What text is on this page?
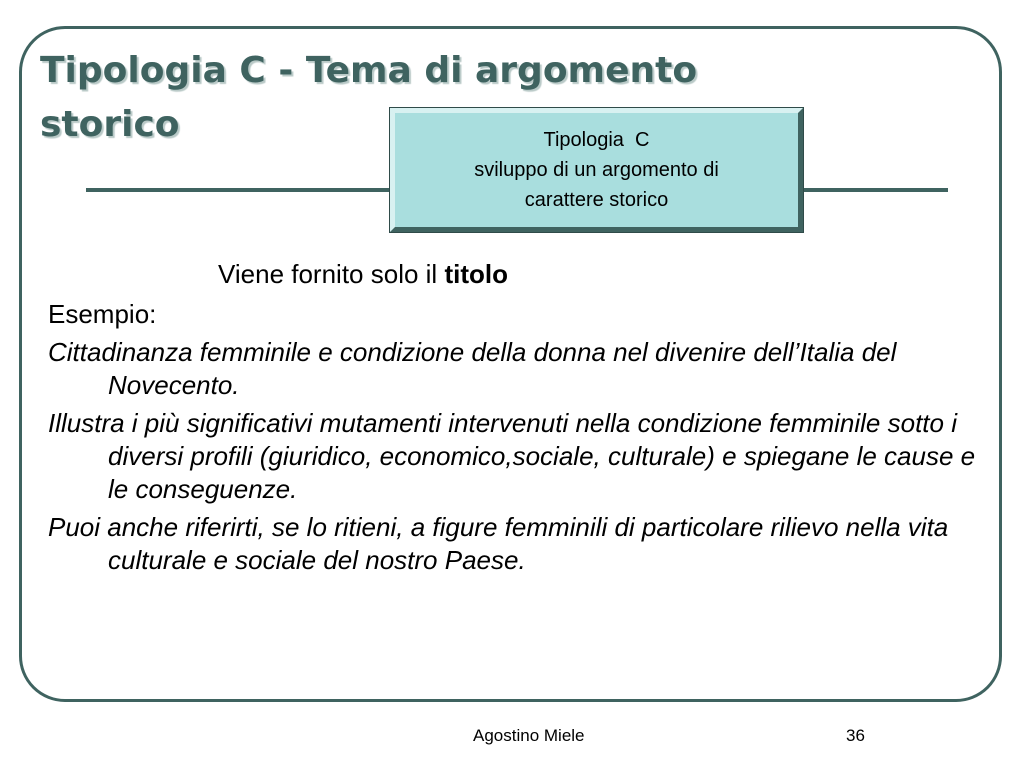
Tipologia C - Tema di argomento
storico	Tipologia  C
sviluppo di un argomento di
carattere storico
Viene fornito solo il titolo

Esempio:

Cittadinanza femminile e condizione della donna nel divenire dell’Italia del Novecento.

Illustra i più significativi mutamenti intervenuti nella condizione femminile sotto i diversi profili (giuridico, economico,sociale, culturale) e spiegane le cause e le conseguenze.

Puoi anche riferirti, se lo ritieni, a figure femminili di particolare rilievo nella vita culturale e sociale del nostro Paese.

Agostino Miele	36
